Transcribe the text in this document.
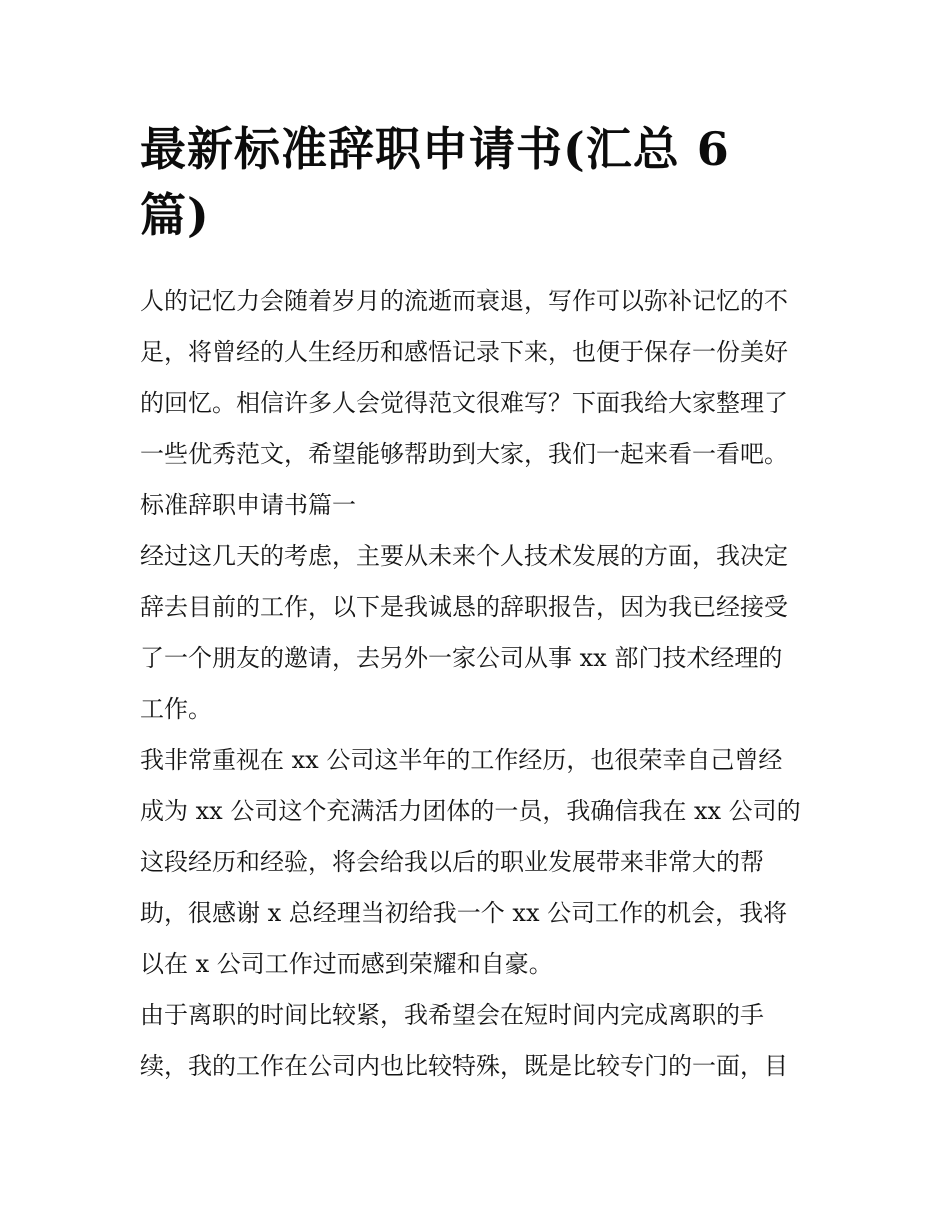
最新标准辞职申请书(汇总 6
篇)
人的记忆力会随着岁月的流逝而衰退，写作可以弥补记忆的不
足，将曾经的人生经历和感悟记录下来，也便于保存一份美好
的回忆。相信许多人会觉得范文很难写？下面我给大家整理了
一些优秀范文，希望能够帮助到大家，我们一起来看一看吧。
标准辞职申请书篇一
经过这几天的考虑，主要从未来个人技术发展的方面，我决定
辞去目前的工作，以下是我诚恳的辞职报告，因为我已经接受
了一个朋友的邀请，去另外一家公司从事 xx 部门技术经理的
工作。
我非常重视在 xx 公司这半年的工作经历，也很荣幸自己曾经
成为 xx 公司这个充满活力团体的一员，我确信我在 xx 公司的
这段经历和经验，将会给我以后的职业发展带来非常大的帮
助，很感谢 x 总经理当初给我一个 xx 公司工作的机会，我将
以在 x 公司工作过而感到荣耀和自豪。
由于离职的时间比较紧，我希望会在短时间内完成离职的手
续，我的工作在公司内也比较特殊，既是比较专门的一面，目
